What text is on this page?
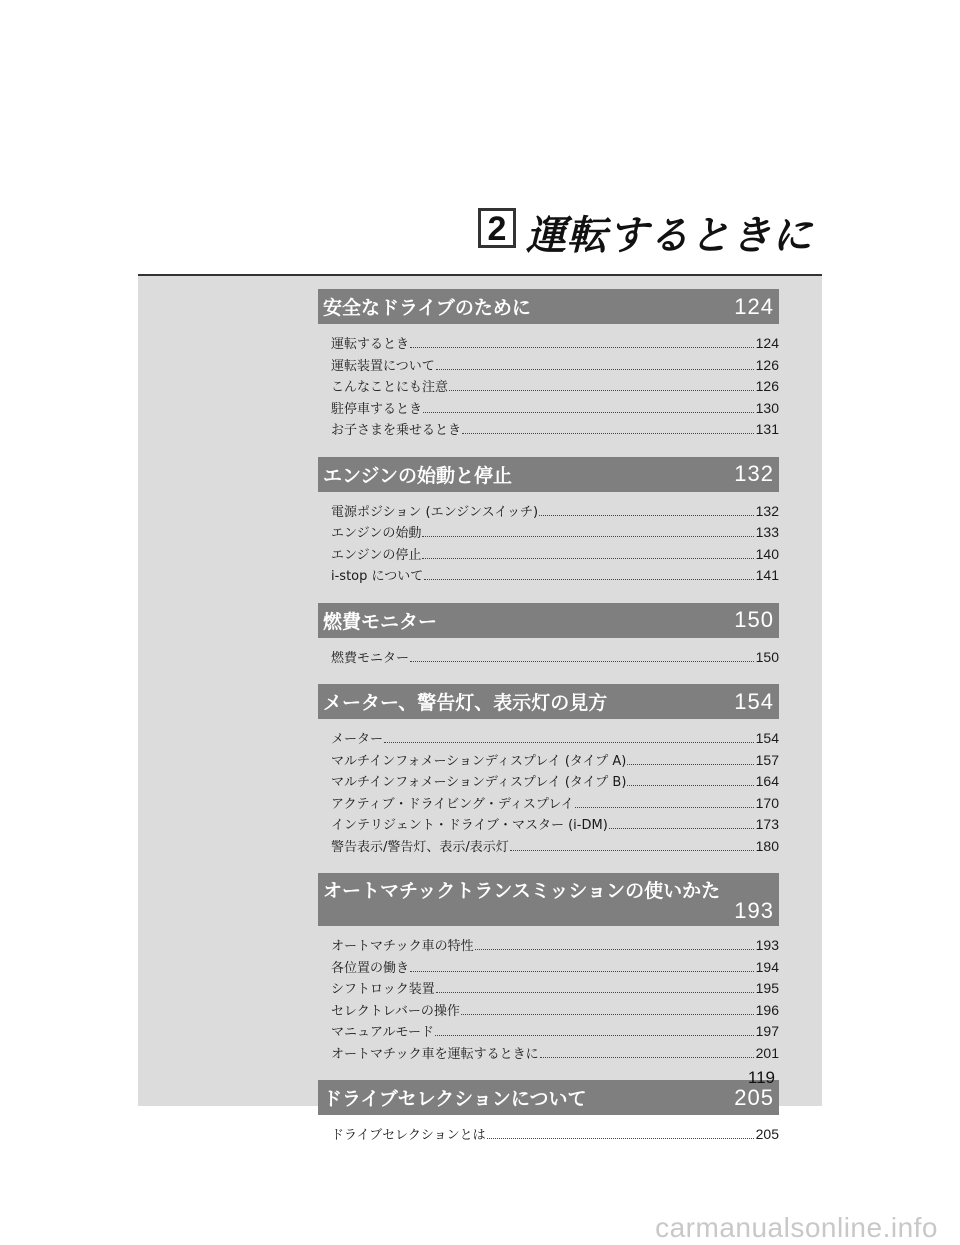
2 運転するときに
安全なドライブのために	124
運転するとき	124
運転装置について	126
こんなことにも注意	126
駐停車するとき	130
お子さまを乗せるとき	131
エンジンの始動と停止	132
電源ポジション (エンジンスイッチ)	132
エンジンの始動	133
エンジンの停止	140
i-stop について	141
燃費モニター	150
燃費モニター	150
メーター、警告灯、表示灯の見方	154
メーター	154
マルチインフォメーションディスプレイ (タイプ A)	157
マルチインフォメーションディスプレイ (タイプ B)	164
アクティブ・ドライビング・ディスプレイ	170
インテリジェント・ドライブ・マスター (i-DM)	173
警告表示/警告灯、表示/表示灯	180
オートマチックトランスミッションの使いかた
193
オートマチック車の特性	193
各位置の働き	194
シフトロック装置	195
セレクトレバーの操作	196
マニュアルモード	197
オートマチック車を運転するときに	201
ドライブセレクションについて	205
ドライブセレクションとは	205
119
carmanualsonline.info
